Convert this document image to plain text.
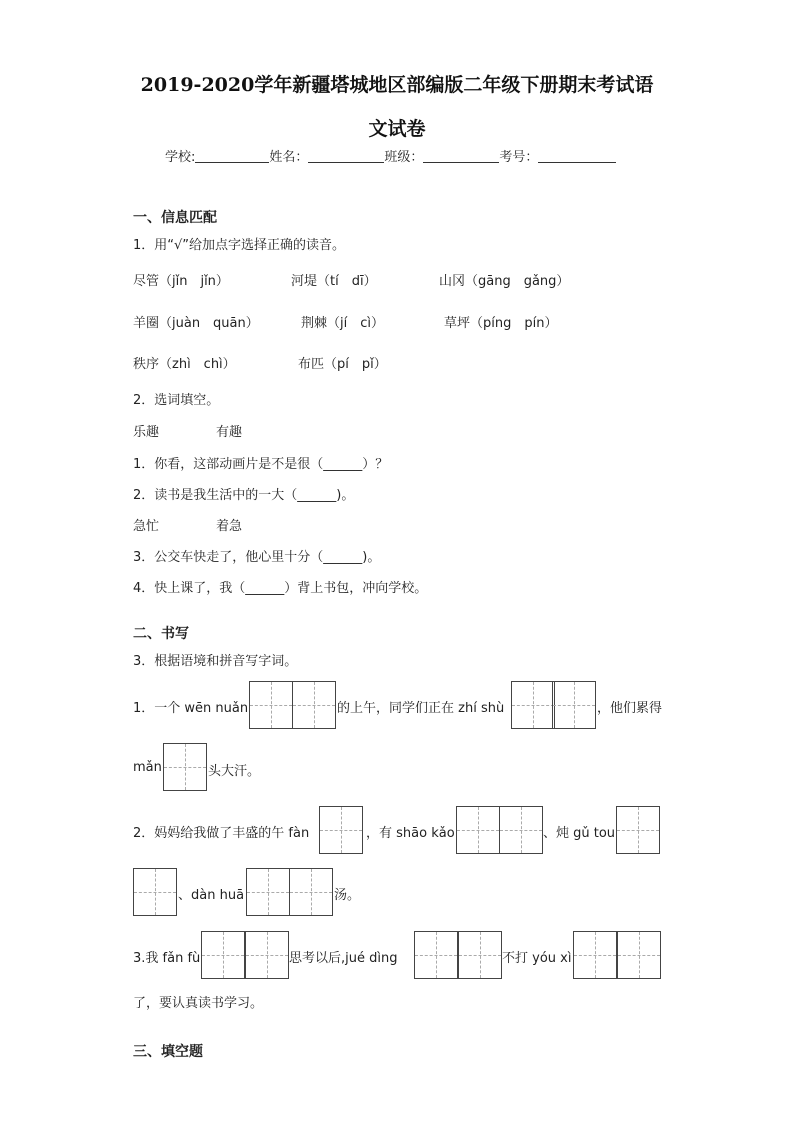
2019-2020学年新疆塔城地区部编版二年级下册期末考试语
文试卷
学校:	姓名：	班级：	考号：
一、信息匹配
1．用“√”给加点字选择正确的读音。
尽管（jǐn　jǐn）	河堤（tí　dī）	山冈（gāng　gǎng）
羊圈（juàn　quān）	荆棘（jí　cì）	草坪（píng　pín）
秩序（zhì　chì）	布匹（pí　pǐ）
2．选词填空。
乐趣	有趣
1．你看，这部动画片是不是很（______）？
2．读书是我生活中的一大（______)。
急忙	着急
3．公交车快走了，他心里十分（______)。
4．快上课了，我（______）背上书包，冲向学校。
二、书写
3．根据语境和拼音写字词。
1．一个 wēn nuǎn	的上午，同学们正在 zhí shù	，他们累得
mǎn	头大汗。
2．妈妈给我做了丰盛的午 fàn	，有 shāo kǎo	、炖 gǔ tou
、dàn huā	汤。
3.我 fǎn fù	思考以后,jué dìng	不打 yóu xì
了，要认真读书学习。
三、填空题
